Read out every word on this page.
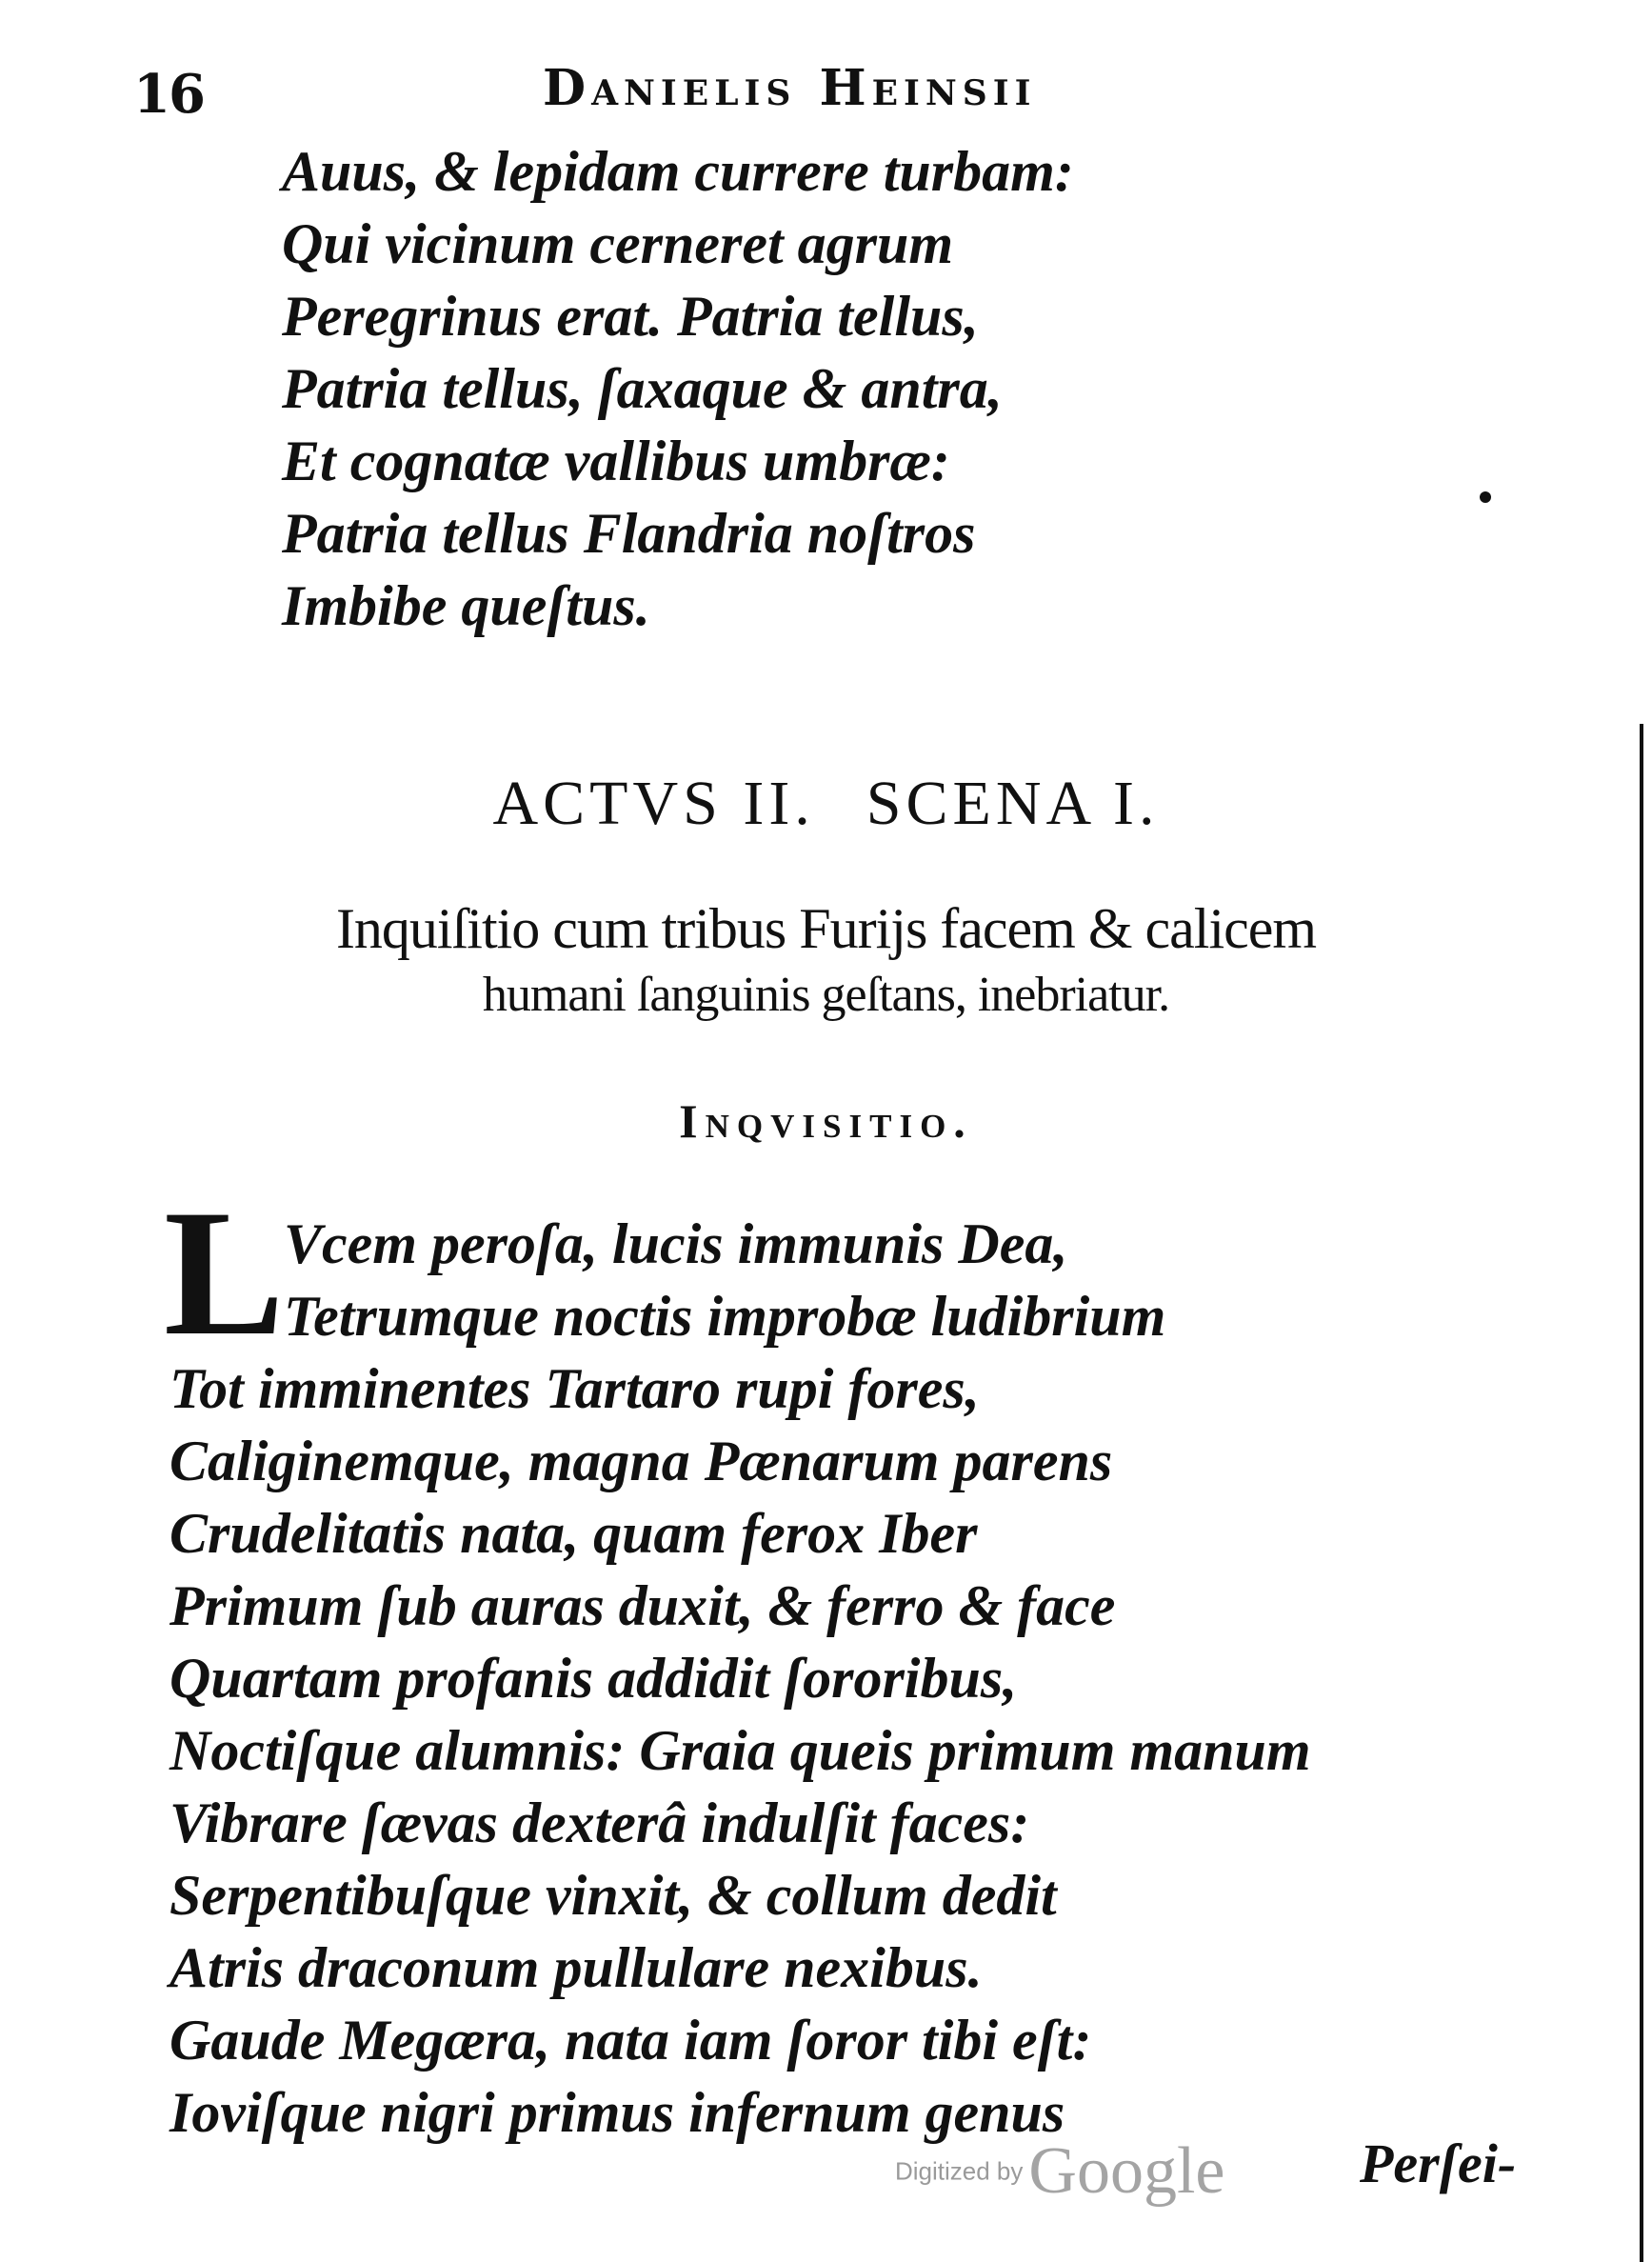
16	Danielis Heinsii
Auus, & lepidam currere turbam:
Qui vicinum cerneret agrum
Peregrinus erat. Patria tellus,
Patria tellus, ſaxaque & antra,
Et cognatæ vallibus umbræ:
Patria tellus Flandria noſtros
Imbibe queſtus.
ACTVS II. SCENA I.
Inquiſitio cum tribus Furijs facem & calicem
humani ſanguinis geſtans, inebriatur.
Inqvisitio.
L Vcem peroſa, lucis immunis Dea,
Tetrumque noctis improbæ ludibrium
Tot imminentes Tartaro rupi fores,
Caliginemque, magna Pænarum parens
Crudelitatis nata, quam ferox Iber
Primum ſub auras duxit, & ferro & face
Quartam profanis addidit ſororibus,
Noctiſque alumnis: Graia queis primum manum
Vibrare ſævas dexterâ indulſit faces:
Serpentibuſque vinxit, & collum dedit
Atris draconum pullulare nexibus.
Gaude Megæra, nata iam ſoror tibi eſt:
Ioviſque nigri primus infernum genus
Digitized byGoogle Perſei-
